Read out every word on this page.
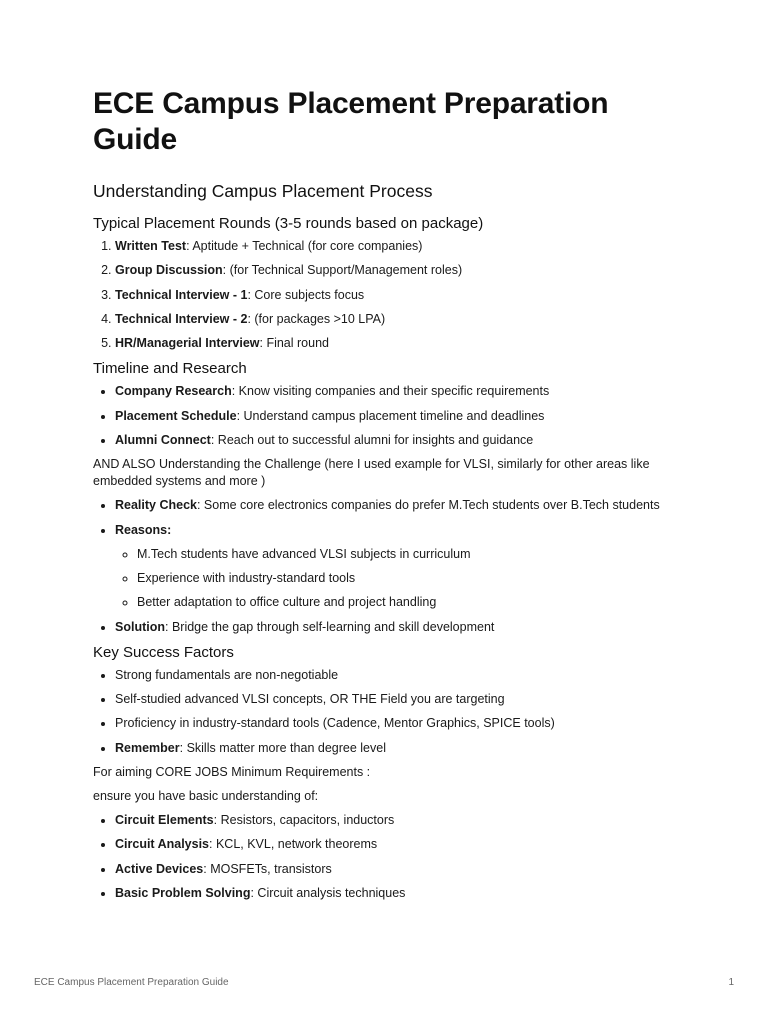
ECE Campus Placement Preparation Guide
Understanding Campus Placement Process
Typical Placement Rounds (3-5 rounds based on package)
1. Written Test: Aptitude + Technical (for core companies)
2. Group Discussion: (for Technical Support/Management roles)
3. Technical Interview - 1: Core subjects focus
4. Technical Interview - 2: (for packages >10 LPA)
5. HR/Managerial Interview: Final round
Timeline and Research
• Company Research: Know visiting companies and their specific requirements
• Placement Schedule: Understand campus placement timeline and deadlines
• Alumni Connect: Reach out to successful alumni for insights and guidance

AND ALSO Understanding the Challenge (here I used example for VLSI, similarly for other areas like embedded systems and more )

• Reality Check: Some core electronics companies do prefer M.Tech students over B.Tech students
• Reasons:
◦ M.Tech students have advanced VLSI subjects in curriculum
◦ Experience with industry-standard tools
◦ Better adaptation to office culture and project handling
• Solution: Bridge the gap through self-learning and skill development
Key Success Factors
• Strong fundamentals are non-negotiable
• Self-studied advanced VLSI concepts, OR THE Field you are targeting
• Proficiency in industry-standard tools (Cadence, Mentor Graphics, SPICE tools)
• Remember: Skills matter more than degree level

For aiming CORE JOBS Minimum Requirements :

ensure you have basic understanding of:

• Circuit Elements: Resistors, capacitors, inductors
• Circuit Analysis: KCL, KVL, network theorems
• Active Devices: MOSFETs, transistors
• Basic Problem Solving: Circuit analysis techniques
ECE Campus Placement Preparation Guide	1
